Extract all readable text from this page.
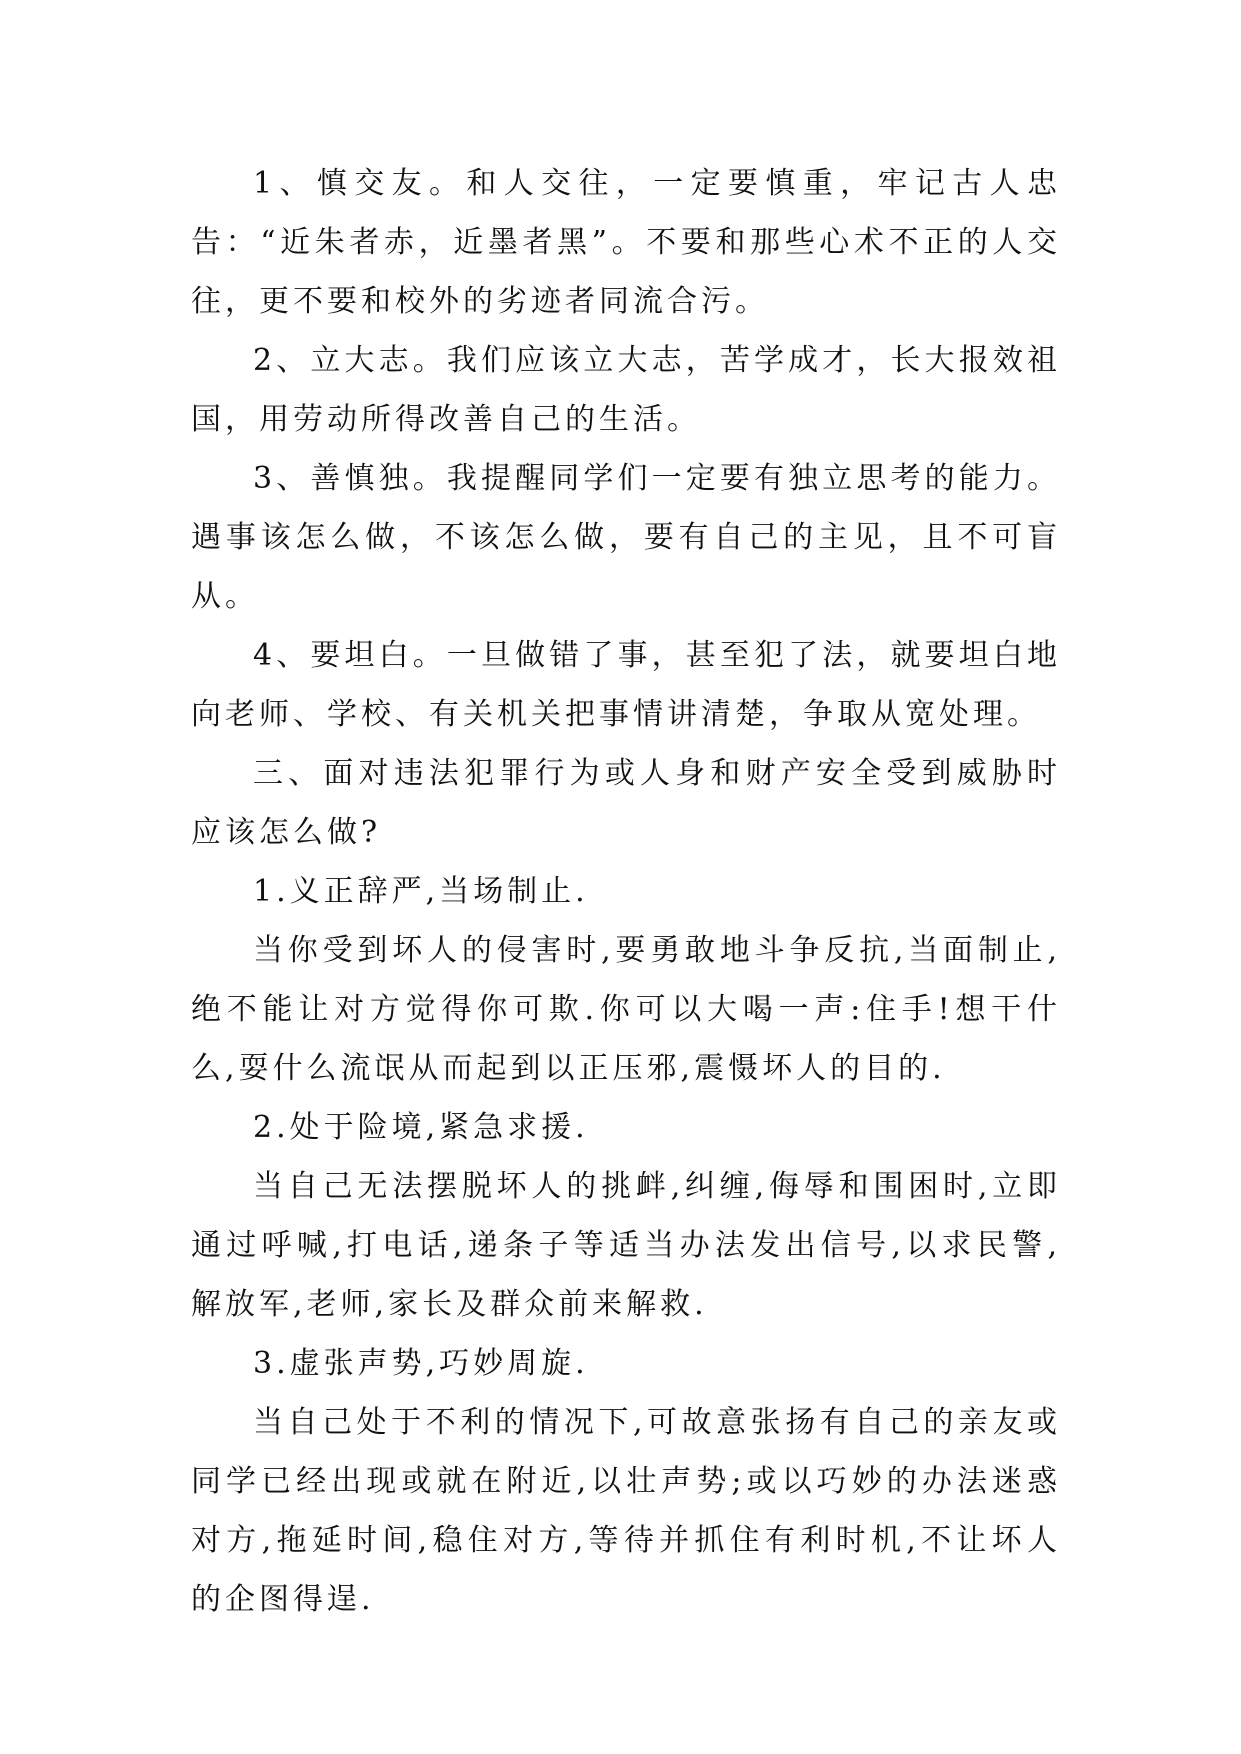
1、慎交友。和人交往，一定要慎重，牢记古人忠告：“近朱者赤，近墨者黑”。不要和那些心术不正的人交往，更不要和校外的劣迹者同流合污。

2、立大志。我们应该立大志，苦学成才，长大报效祖国，用劳动所得改善自己的生活。

3、善慎独。我提醒同学们一定要有独立思考的能力。遇事该怎么做，不该怎么做，要有自己的主见，且不可盲从。

4、要坦白。一旦做错了事，甚至犯了法，就要坦白地向老师、学校、有关机关把事情讲清楚，争取从宽处理。

三、面对违法犯罪行为或人身和财产安全受到威胁时应该怎么做?

1.义正辞严,当场制止.

当你受到坏人的侵害时,要勇敢地斗争反抗,当面制止,绝不能让对方觉得你可欺.你可以大喝一声:住手!想干什么,耍什么流氓从而起到以正压邪,震慑坏人的目的.

2.处于险境,紧急求援.

当自己无法摆脱坏人的挑衅,纠缠,侮辱和围困时,立即通过呼喊,打电话,递条子等适当办法发出信号,以求民警,解放军,老师,家长及群众前来解救.

3.虚张声势,巧妙周旋.

当自己处于不利的情况下,可故意张扬有自己的亲友或同学已经出现或就在附近,以壮声势;或以巧妙的办法迷惑对方,拖延时间,稳住对方,等待并抓住有利时机,不让坏人的企图得逞.
